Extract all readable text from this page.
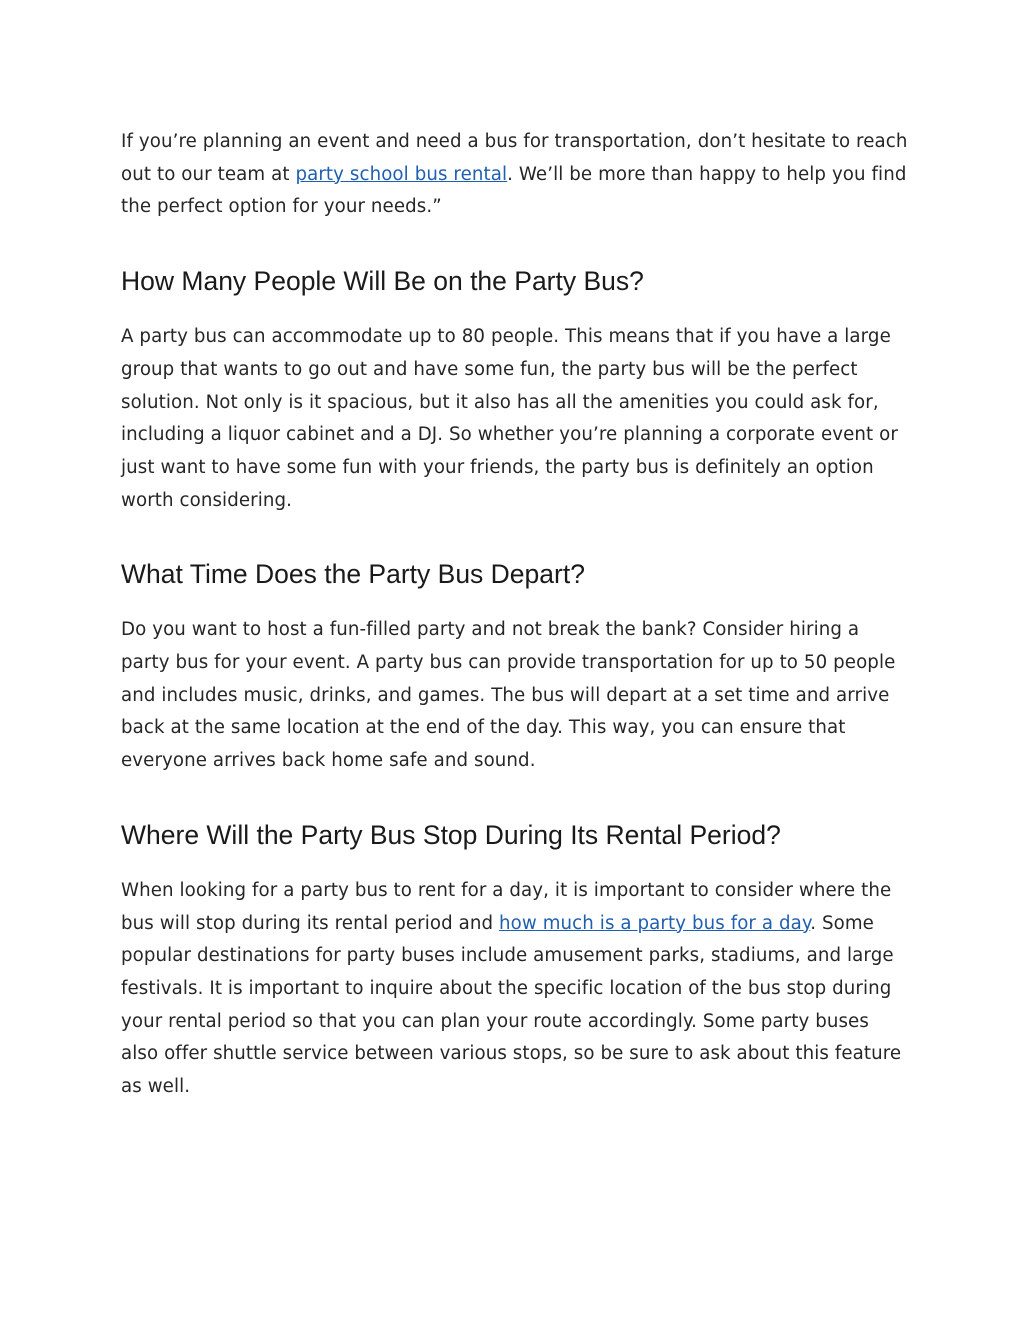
If you’re planning an event and need a bus for transportation, don’t hesitate to reach out to our team at party school bus rental. We’ll be more than happy to help you find the perfect option for your needs.”

How Many People Will Be on the Party Bus?

A party bus can accommodate up to 80 people. This means that if you have a large group that wants to go out and have some fun, the party bus will be the perfect solution. Not only is it spacious, but it also has all the amenities you could ask for, including a liquor cabinet and a DJ. So whether you’re planning a corporate event or just want to have some fun with your friends, the party bus is definitely an option worth considering.

What Time Does the Party Bus Depart?

Do you want to host a fun-filled party and not break the bank? Consider hiring a party bus for your event. A party bus can provide transportation for up to 50 people and includes music, drinks, and games. The bus will depart at a set time and arrive back at the same location at the end of the day. This way, you can ensure that everyone arrives back home safe and sound.

Where Will the Party Bus Stop During Its Rental Period?

When looking for a party bus to rent for a day, it is important to consider where the bus will stop during its rental period and how much is a party bus for a day. Some popular destinations for party buses include amusement parks, stadiums, and large festivals. It is important to inquire about the specific location of the bus stop during your rental period so that you can plan your route accordingly. Some party buses also offer shuttle service between various stops, so be sure to ask about this feature as well.
